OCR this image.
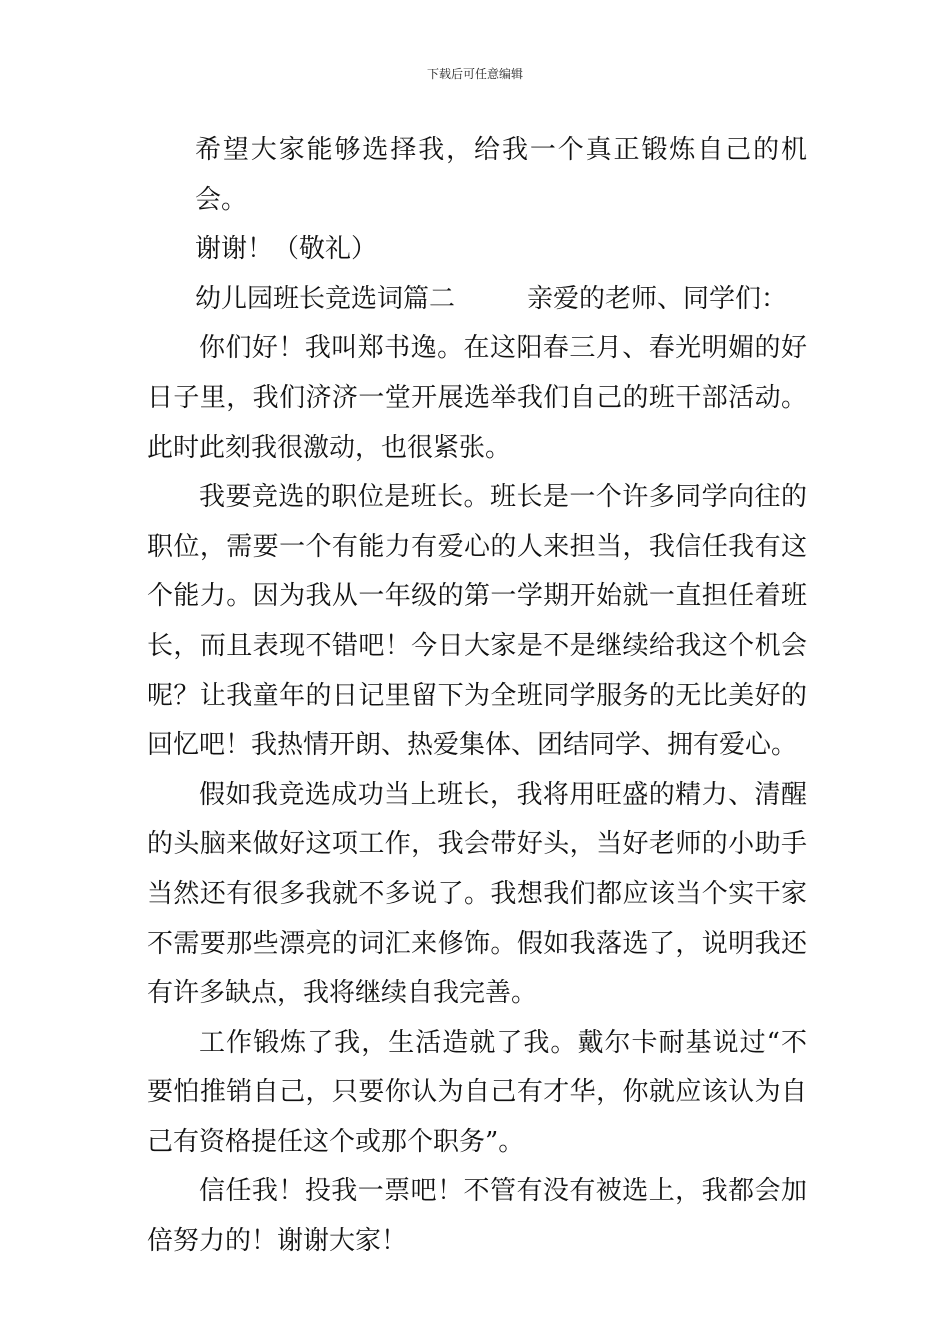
下载后可任意编辑

希望大家能够选择我，给我一个真正锻炼自己的机会。

谢谢！（敬礼）

幼儿园班长竞选词篇二	亲爱的老师、同学们：

你们好！我叫郑书逸。在这阳春三月、春光明媚的好日子里，我们济济一堂开展选举我们自己的班干部活动。此时此刻我很激动，也很紧张。

我要竞选的职位是班长。班长是一个许多同学向往的职位，需要一个有能力有爱心的人来担当，我信任我有这个能力。因为我从一年级的第一学期开始就一直担任着班长，而且表现不错吧！今日大家是不是继续给我这个机会呢？让我童年的日记里留下为全班同学服务的无比美好的回忆吧！我热情开朗、热爱集体、团结同学、拥有爱心。

假如我竞选成功当上班长，我将用旺盛的精力、清醒的头脑来做好这项工作，我会带好头，当好老师的小助手当然还有很多我就不多说了。我想我们都应该当个实干家不需要那些漂亮的词汇来修饰。假如我落选了，说明我还有许多缺点，我将继续自我完善。

工作锻炼了我，生活造就了我。戴尔卡耐基说过“不要怕推销自己，只要你认为自己有才华，你就应该认为自己有资格提任这个或那个职务”。

信任我！投我一票吧！不管有没有被选上，我都会加倍努力的！谢谢大家！
